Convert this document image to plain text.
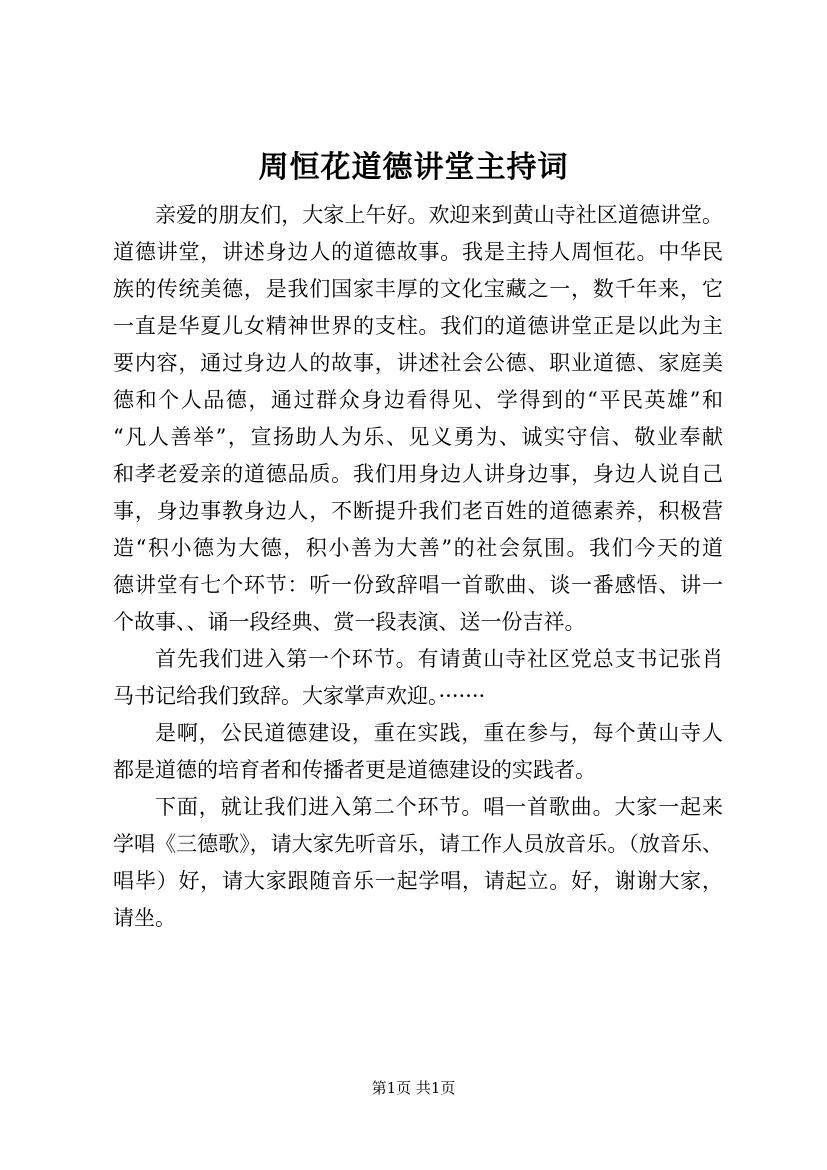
周恒花道德讲堂主持词
亲爱的朋友们，大家上午好。欢迎来到黄山寺社区道德讲堂。
道德讲堂，讲述身边人的道德故事。我是主持人周恒花。中华民
族的传统美德，是我们国家丰厚的文化宝藏之一，数千年来，它
一直是华夏儿女精神世界的支柱。我们的道德讲堂正是以此为主
要内容，通过身边人的故事，讲述社会公德、职业道德、家庭美
德和个人品德，通过群众身边看得见、学得到的“平民英雄”和
“凡人善举”，宣扬助人为乐、见义勇为、诚实守信、敬业奉献
和孝老爱亲的道德品质。我们用身边人讲身边事，身边人说自己
事，身边事教身边人，不断提升我们老百姓的道德素养，积极营
造“积小德为大德，积小善为大善”的社会氛围。我们今天的道
德讲堂有七个环节：听一份致辞唱一首歌曲、谈一番感悟、讲一
个故事、、诵一段经典、赏一段表演、送一份吉祥。
首先我们进入第一个环节。有请黄山寺社区党总支书记张肖
马书记给我们致辞。大家掌声欢迎。·······
是啊，公民道德建设，重在实践，重在参与，每个黄山寺人
都是道德的培育者和传播者更是道德建设的实践者。
下面，就让我们进入第二个环节。唱一首歌曲。大家一起来
学唱《三德歌》，请大家先听音乐，请工作人员放音乐。（放音乐、
唱毕）好，请大家跟随音乐一起学唱，请起立。好，谢谢大家，
请坐。
第1页 共1页
